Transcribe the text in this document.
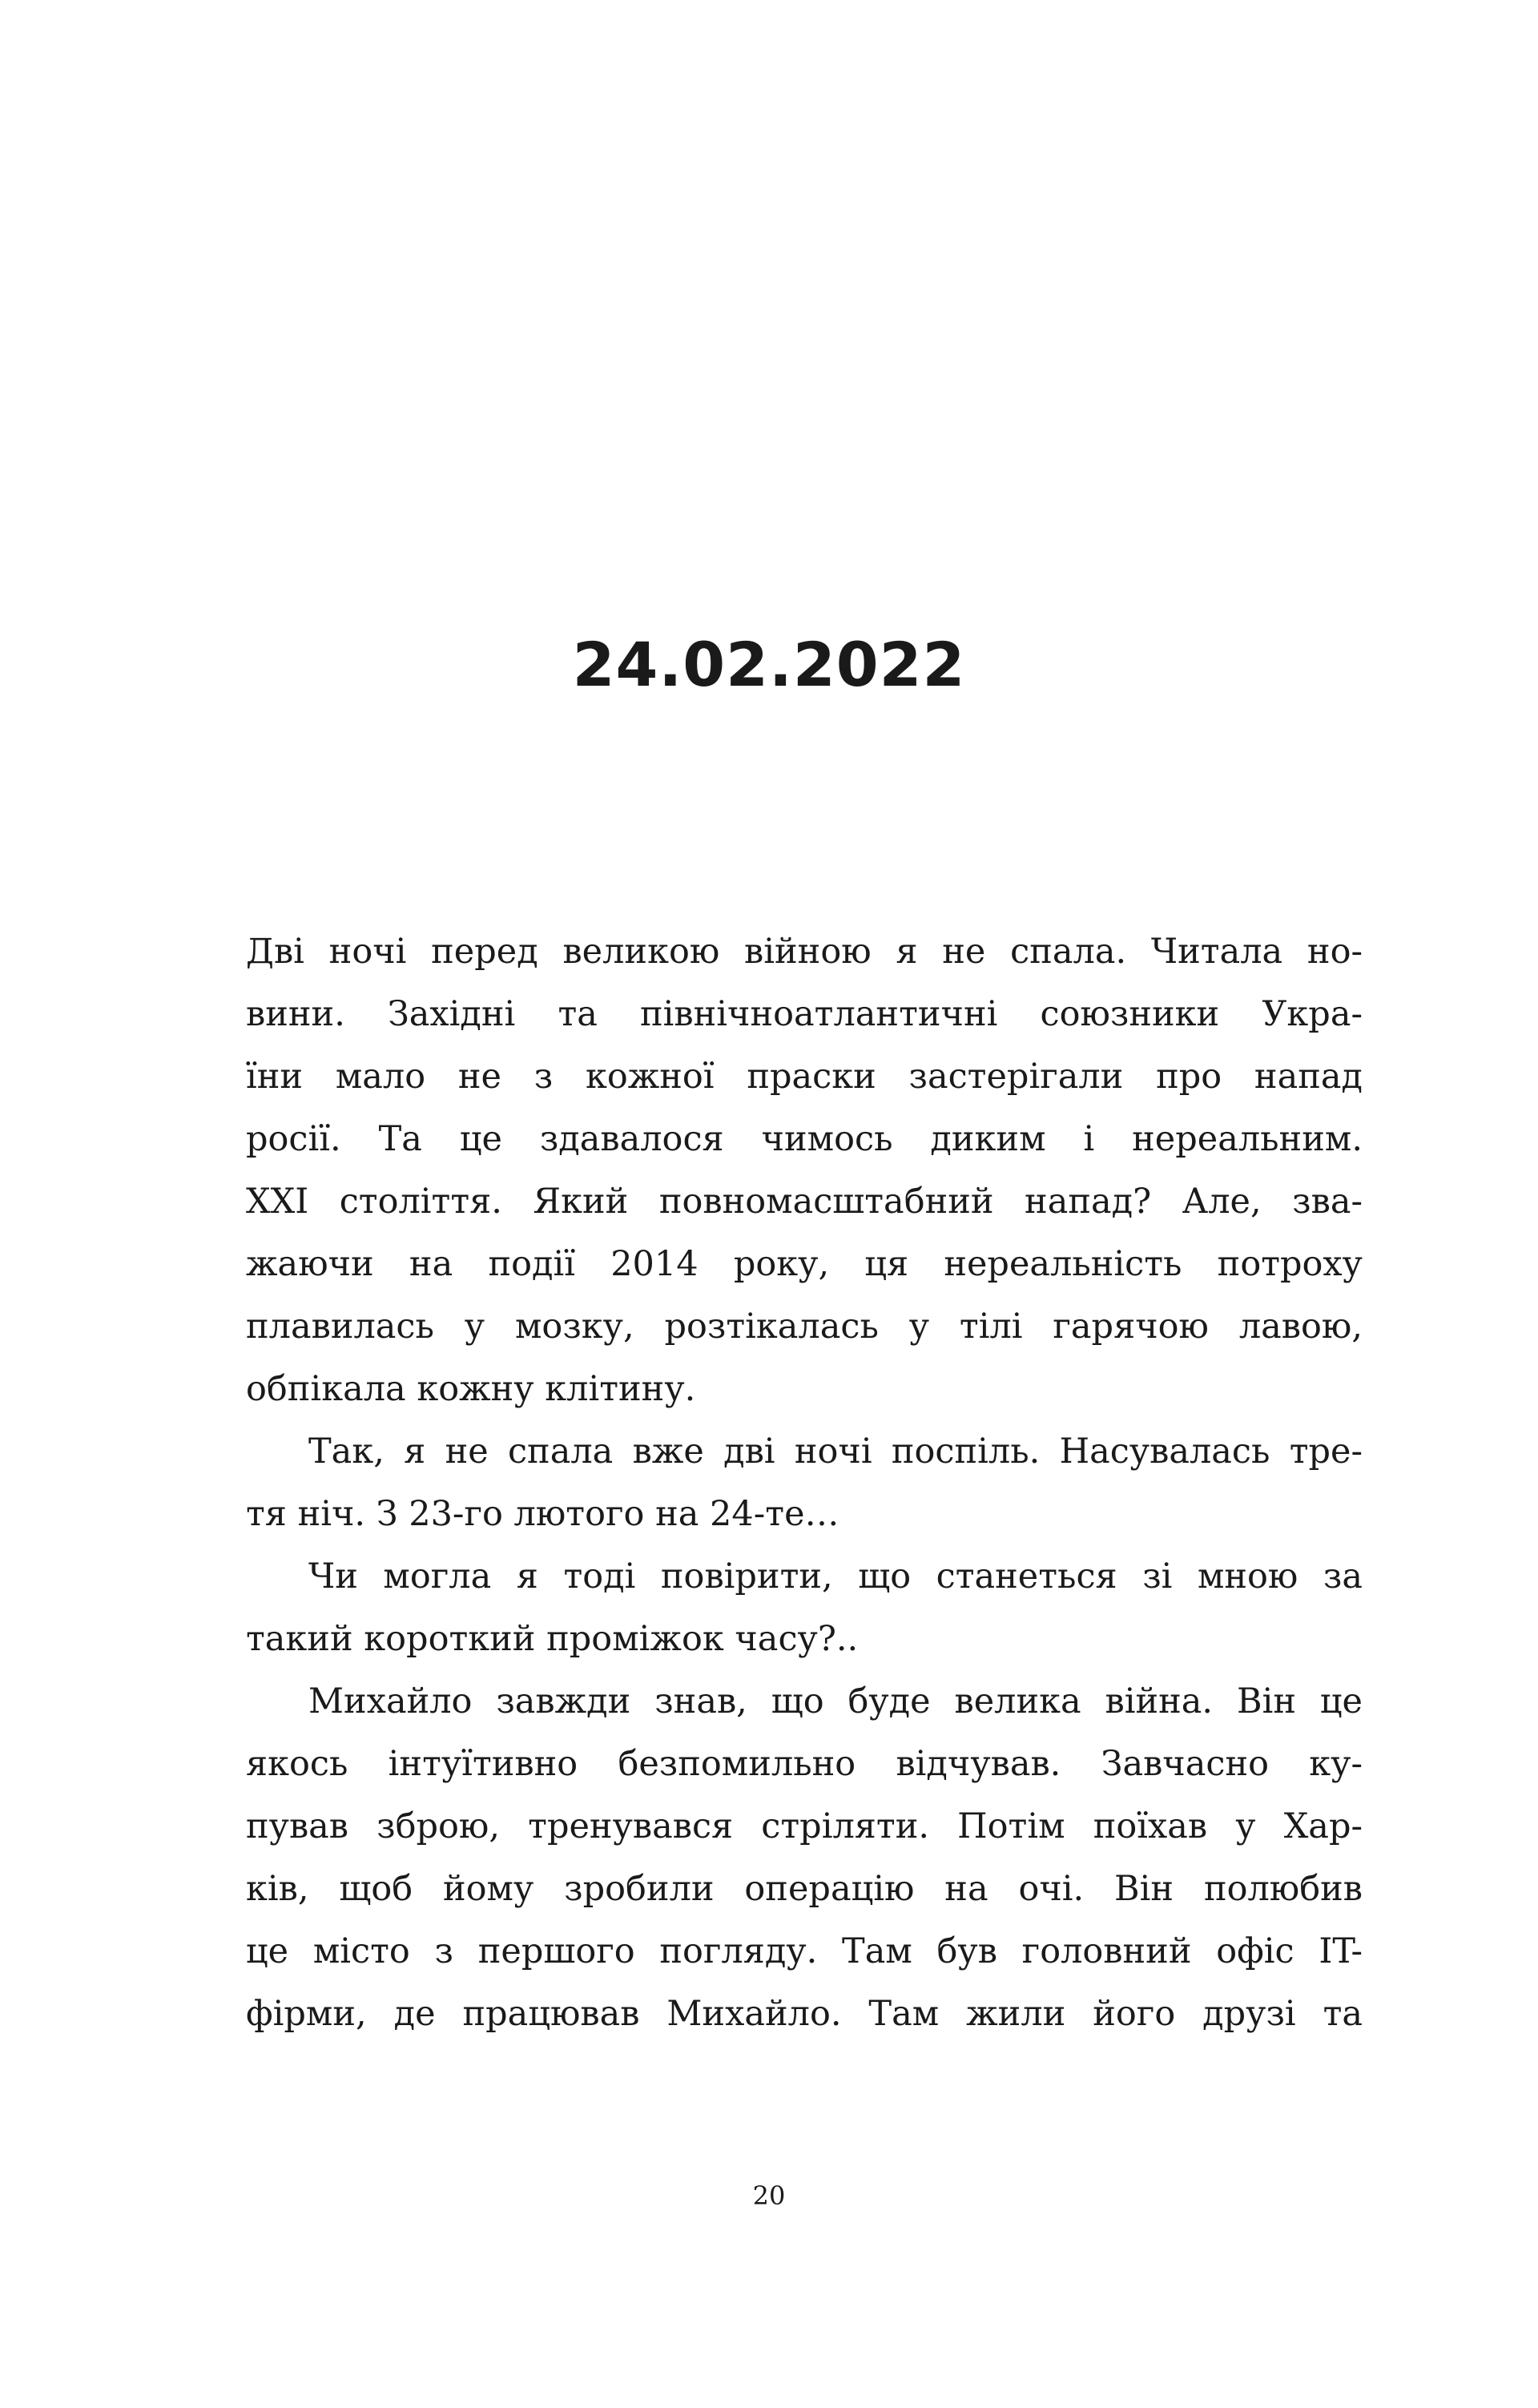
24.02.2022
Дві ночі перед великою війною я не спала. Читала но-
вини. Західні та північноатлантичні союзники Укра-
їни мало не з кожної праски застерігали про напад
росії. Та це здавалося чимось диким і нереальним.
XXI століття. Який повномасштабний напад? Але, зва-
жаючи на події 2014 року, ця нереальність потроху
плавилась у мозку, розтікалась у тілі гарячою лавою,
обпікала кожну клітину.
Так, я не спала вже дві ночі поспіль. Насувалась тре-
тя ніч. З 23-го лютого на 24-те…
Чи могла я тоді повірити, що станеться зі мною за
такий короткий проміжок часу?..
Михайло завжди знав, що буде велика війна. Він це
якось інтуїтивно безпомильно відчував. Завчасно ку-
пував зброю, тренувався стріляти. Потім поїхав у Хар-
ків, щоб йому зробили операцію на очі. Він полюбив
це місто з першого погляду. Там був головний офіс IT-
фірми, де працював Михайло. Там жили його друзі та
20
